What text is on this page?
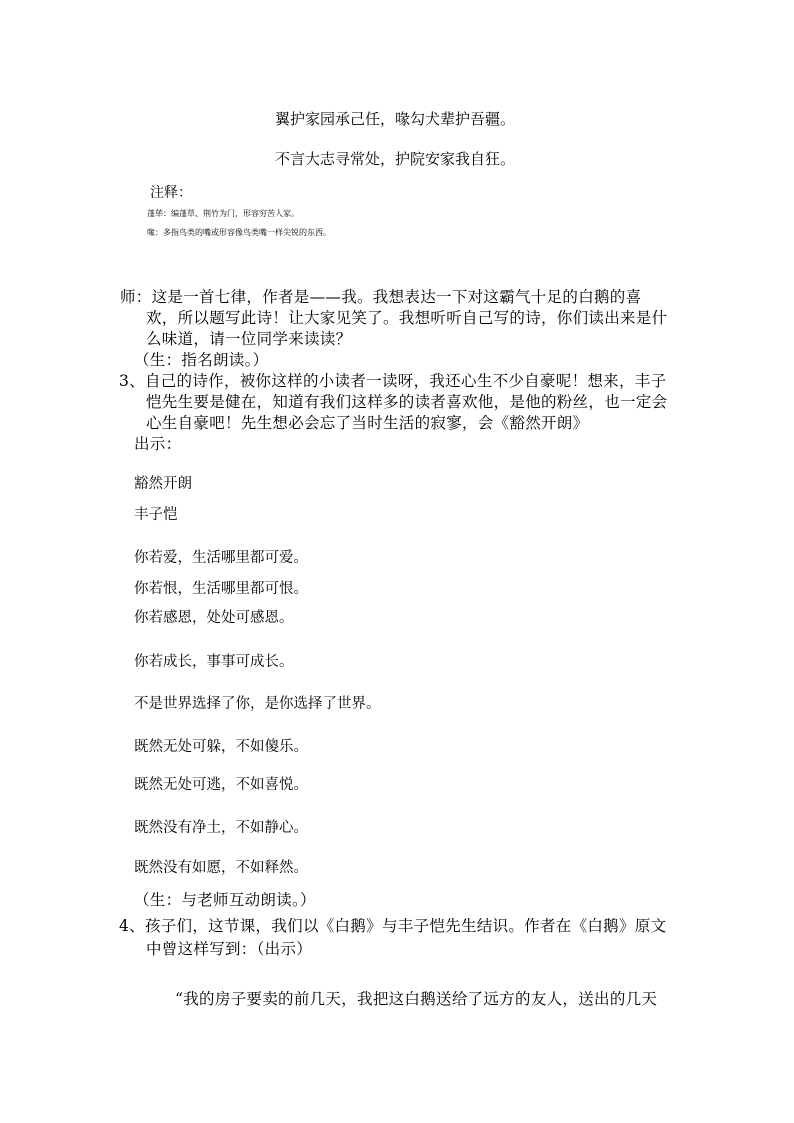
翼护家园承己任，喙勾犬辈护吾疆。
不言大志寻常处，护院安家我自狂。
注释：
蓬荜：编蓬草、荆竹为门，形容穷苦人家。
喙：多指鸟类的嘴或形容像鸟类嘴一样尖锐的东西。
师：这是一首七律，作者是——我。我想表达一下对这霸气十足的白鹅的喜
欢，所以题写此诗！让大家见笑了。我想听听自己写的诗，你们读出来是什
么味道，请一位同学来读读？
（生：指名朗读。）
3、自己的诗作，被你这样的小读者一读呀，我还心生不少自豪呢！想来，丰子
恺先生要是健在，知道有我们这样多的读者喜欢他，是他的粉丝，也一定会
心生自豪吧！先生想必会忘了当时生活的寂寥，会《豁然开朗》
出示：
豁然开朗
丰子恺
你若爱，生活哪里都可爱。
你若恨，生活哪里都可恨。
你若感恩，处处可感恩。
你若成长，事事可成长。
不是世界选择了你，是你选择了世界。
既然无处可躲，不如傻乐。
既然无处可逃，不如喜悦。
既然没有净土，不如静心。
既然没有如愿，不如释然。
（生：与老师互动朗读。）
4、孩子们，这节课，我们以《白鹅》与丰子恺先生结识。作者在《白鹅》原文
中曾这样写到：（出示）
“我的房子要卖的前几天，我把这白鹅送给了远方的友人，送出的几天
